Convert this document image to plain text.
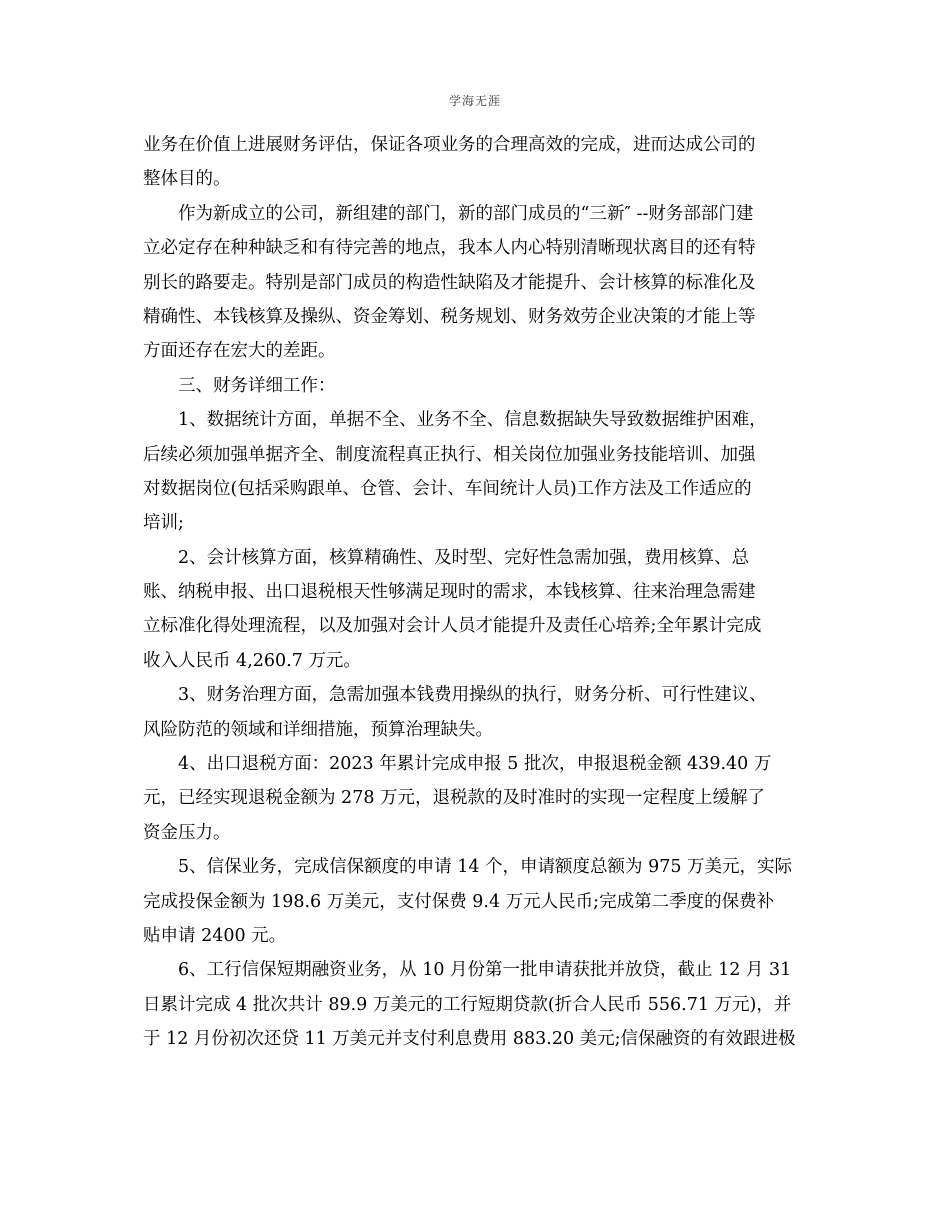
学海无涯
业务在价值上进展财务评估，保证各项业务的合理高效的完成，进而达成公司的
整体目的。
作为新成立的公司，新组建的部门，新的部门成员的“三新″ --财务部部门建
立必定存在种种缺乏和有待完善的地点，我本人内心特别清晰现状离目的还有特
别长的路要走。特别是部门成员的构造性缺陷及才能提升、会计核算的标准化及
精确性、本钱核算及操纵、资金筹划、税务规划、财务效劳企业决策的才能上等
方面还存在宏大的差距。
三、财务详细工作：
1、数据统计方面，单据不全、业务不全、信息数据缺失导致数据维护困难，
后续必须加强单据齐全、制度流程真正执行、相关岗位加强业务技能培训、加强
对数据岗位(包括采购跟单、仓管、会计、车间统计人员)工作方法及工作适应的
培训;
2、会计核算方面，核算精确性、及时型、完好性急需加强，费用核算、总
账、纳税申报、出口退税根天性够满足现时的需求，本钱核算、往来治理急需建
立标准化得处理流程，以及加强对会计人员才能提升及责任心培养;全年累计完成
收入人民币 4,260.7 万元。
3、财务治理方面，急需加强本钱费用操纵的执行，财务分析、可行性建议、
风险防范的领域和详细措施，预算治理缺失。
4、出口退税方面：2023 年累计完成申报 5 批次，申报退税金额 439.40 万
元，已经实现退税金额为 278 万元，退税款的及时准时的实现一定程度上缓解了
资金压力。
5、信保业务，完成信保额度的申请 14 个，申请额度总额为 975 万美元，实际
完成投保金额为 198.6 万美元，支付保费 9.4 万元人民币;完成第二季度的保费补
贴申请 2400 元。
6、工行信保短期融资业务，从 10 月份第一批申请获批并放贷，截止 12 月 31
日累计完成 4 批次共计 89.9 万美元的工行短期贷款(折合人民币 556.71 万元)，并
于 12 月份初次还贷 11 万美元并支付利息费用 883.20 美元;信保融资的有效跟进极
